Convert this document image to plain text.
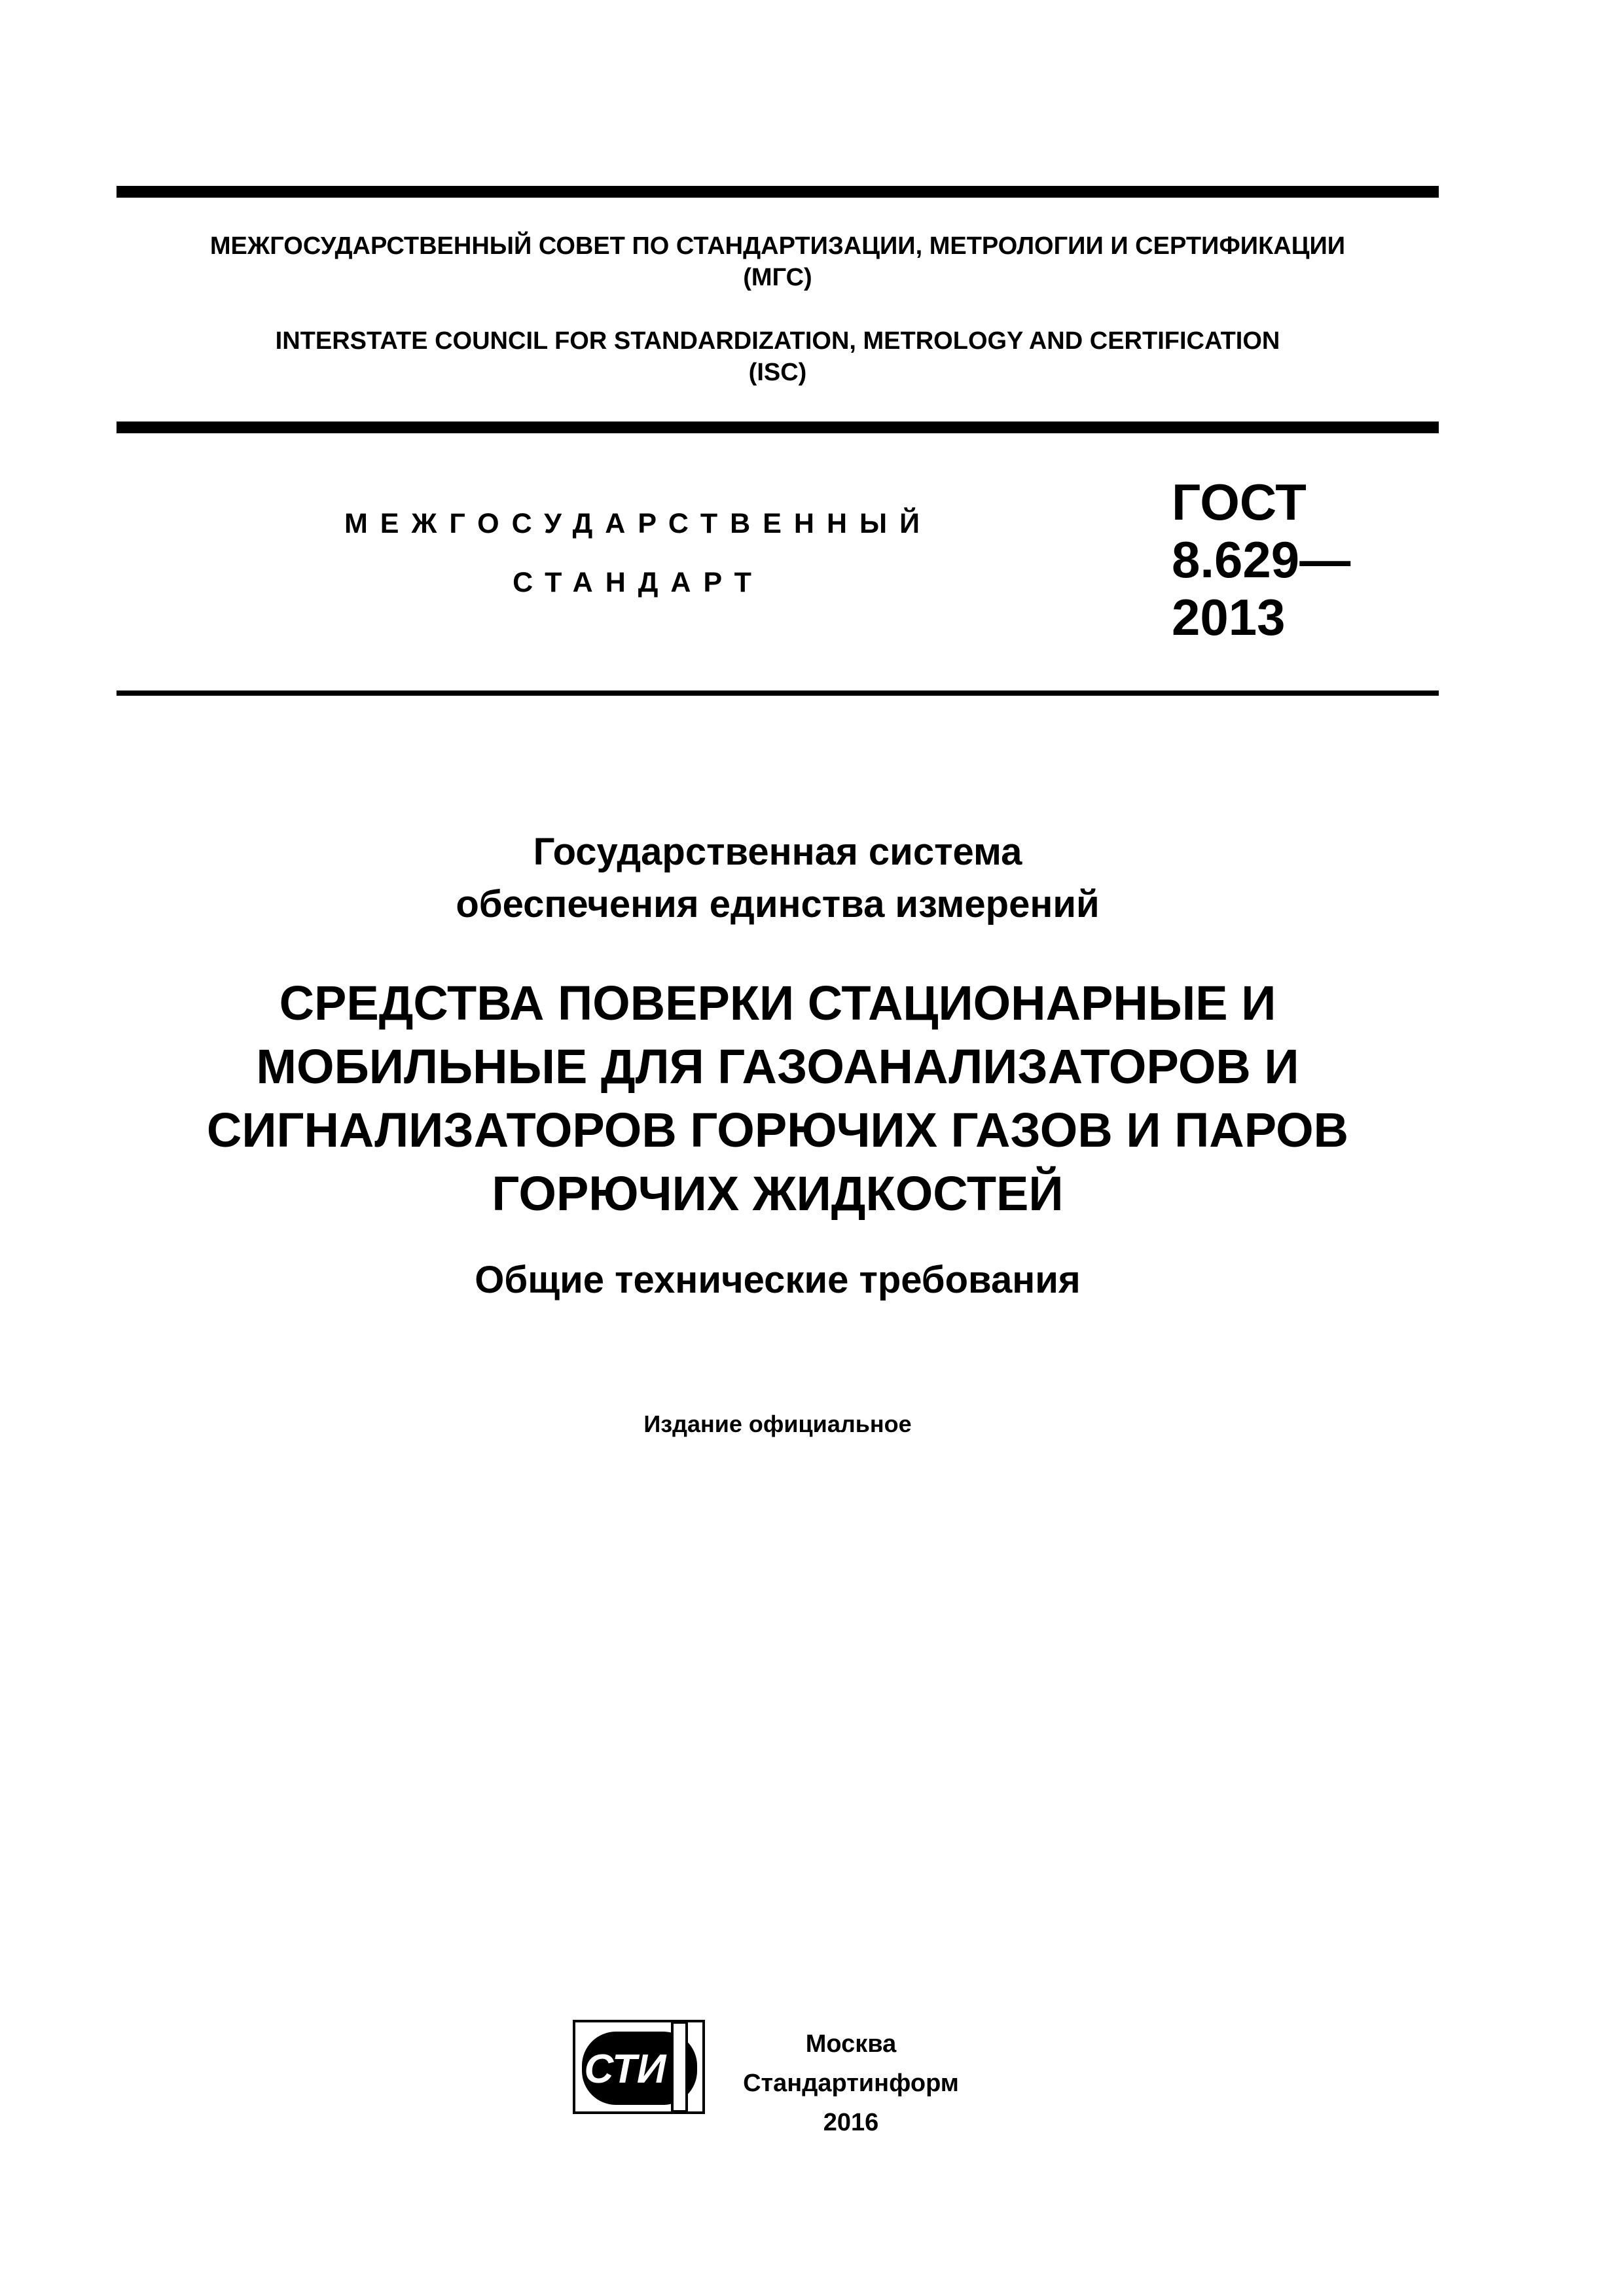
МЕЖГОСУДАРСТВЕННЫЙ СОВЕТ ПО СТАНДАРТИЗАЦИИ, МЕТРОЛОГИИ И СЕРТИФИКАЦИИ
(МГС)
INTERSTATE COUNCIL FOR STANDARDIZATION, METROLOGY AND CERTIFICATION
(ISC)
МЕЖГОСУДАРСТВЕННЫЙ
СТАНДАРТ
ГОСТ
8.629—
2013
Государственная система
обеспечения единства измерений
СРЕДСТВА ПОВЕРКИ СТАЦИОНАРНЫЕ И
МОБИЛЬНЫЕ ДЛЯ ГАЗОАНАЛИЗАТОРОВ И
СИГНАЛИЗАТОРОВ ГОРЮЧИХ ГАЗОВ И ПАРОВ
ГОРЮЧИХ ЖИДКОСТЕЙ
Общие технические требования
Издание официальное
СТИ
Москва
Стандартинформ
2016
